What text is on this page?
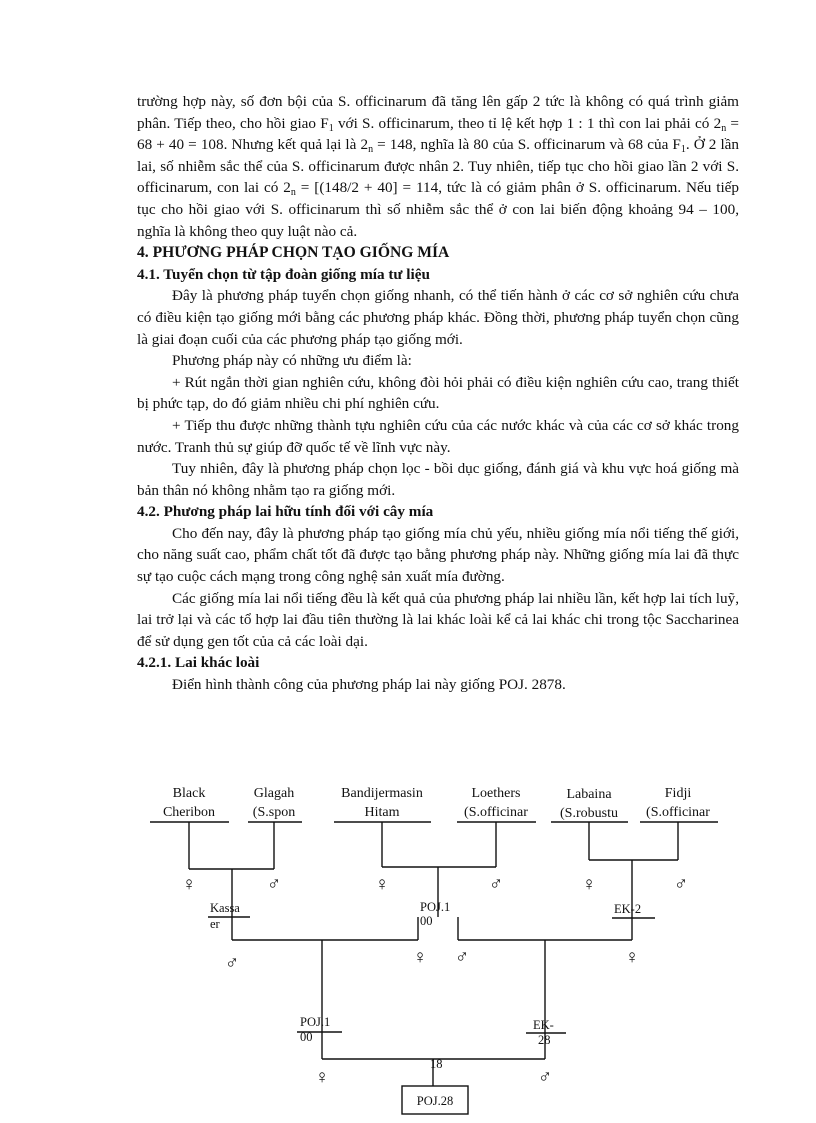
trường hợp này, số đơn bội của S. officinarum đã tăng lên gấp 2 tức là không có quá trình giảm phân. Tiếp theo, cho hồi giao $F_1$ với S. officinarum, theo tỉ lệ kết hợp 1 : 1 thì con lai phải có $2_n = 68 + 40 = 108$. Nhưng kết quả lại là $2_n = 148$, nghĩa là 80 của S. officinarum và 68 của $F_1$. Ở 2 lần lai, số nhiễm sắc thể của S. officinarum được nhân 2. Tuy nhiên, tiếp tục cho hồi giao lần 2 với S. officinarum, con lai có $2_n = [(148/2 + 40] = 114$, tức là có giảm phân ở S. officinarum. Nếu tiếp tục cho hồi giao với S. officinarum thì số nhiễm sắc thể ở con lai biến động khoảng 94 – 100, nghĩa là không theo quy luật nào cả.

4. PHƯƠNG PHÁP CHỌN TẠO GIỐNG MÍA

4.1. Tuyển chọn từ tập đoàn giống mía tư liệu

Đây là phương pháp tuyển chọn giống nhanh, có thể tiến hành ở các cơ sở nghiên cứu chưa có điều kiện tạo giống mới bằng các phương pháp khác. Đồng thời, phương pháp tuyển chọn cũng là giai đoạn cuối của các phương pháp tạo giống mới.

Phương pháp này có những ưu điểm là:

+ Rút ngắn thời gian nghiên cứu, không đòi hỏi phải có điều kiện nghiên cứu cao, trang thiết bị phức tạp, do đó giảm nhiều chi phí nghiên cứu.

+ Tiếp thu được những thành tựu nghiên cứu của các nước khác và của các cơ sở khác trong nước. Tranh thủ sự giúp đỡ quốc tế về lĩnh vực này.

Tuy nhiên, đây là phương pháp chọn lọc - bồi dục giống, đánh giá và khu vực hoá giống mà bản thân nó không nhằm tạo ra giống mới.

4.2. Phương pháp lai hữu tính đối với cây mía

Cho đến nay, đây là phương pháp tạo giống mía chủ yếu, nhiều giống mía nổi tiếng thế giới, cho năng suất cao, phẩm chất tốt đã được tạo bằng phương pháp này. Những giống mía lai đã thực sự tạo cuộc cách mạng trong công nghệ sản xuất mía đường.

Các giống mía lai nổi tiếng đều là kết quả của phương pháp lai nhiều lần, kết hợp lai tích luỹ, lai trở lại và các tổ hợp lai đầu tiên thường là lai khác loài kể cả lai khác chi trong tộc Saccharinea để sử dụng gen tốt của cả các loài dại.

4.2.1. Lai khác loài

Điển hình thành công của phương pháp lai này giống POJ. 2878.

Black
Cheribon
Glagah
(S.spon
Bandijermasin
Hitam
Loethers
(S.officinar
Labaina
(S.robustu
Fidji
(S.officinar
♀	♂	♀	♂	♀	♂
Kassa
er
POJ.1
00
EK-2
♂	♀ ♂	♀
POJ.1
00
EK-
28
18
♀	♂
POJ.28
